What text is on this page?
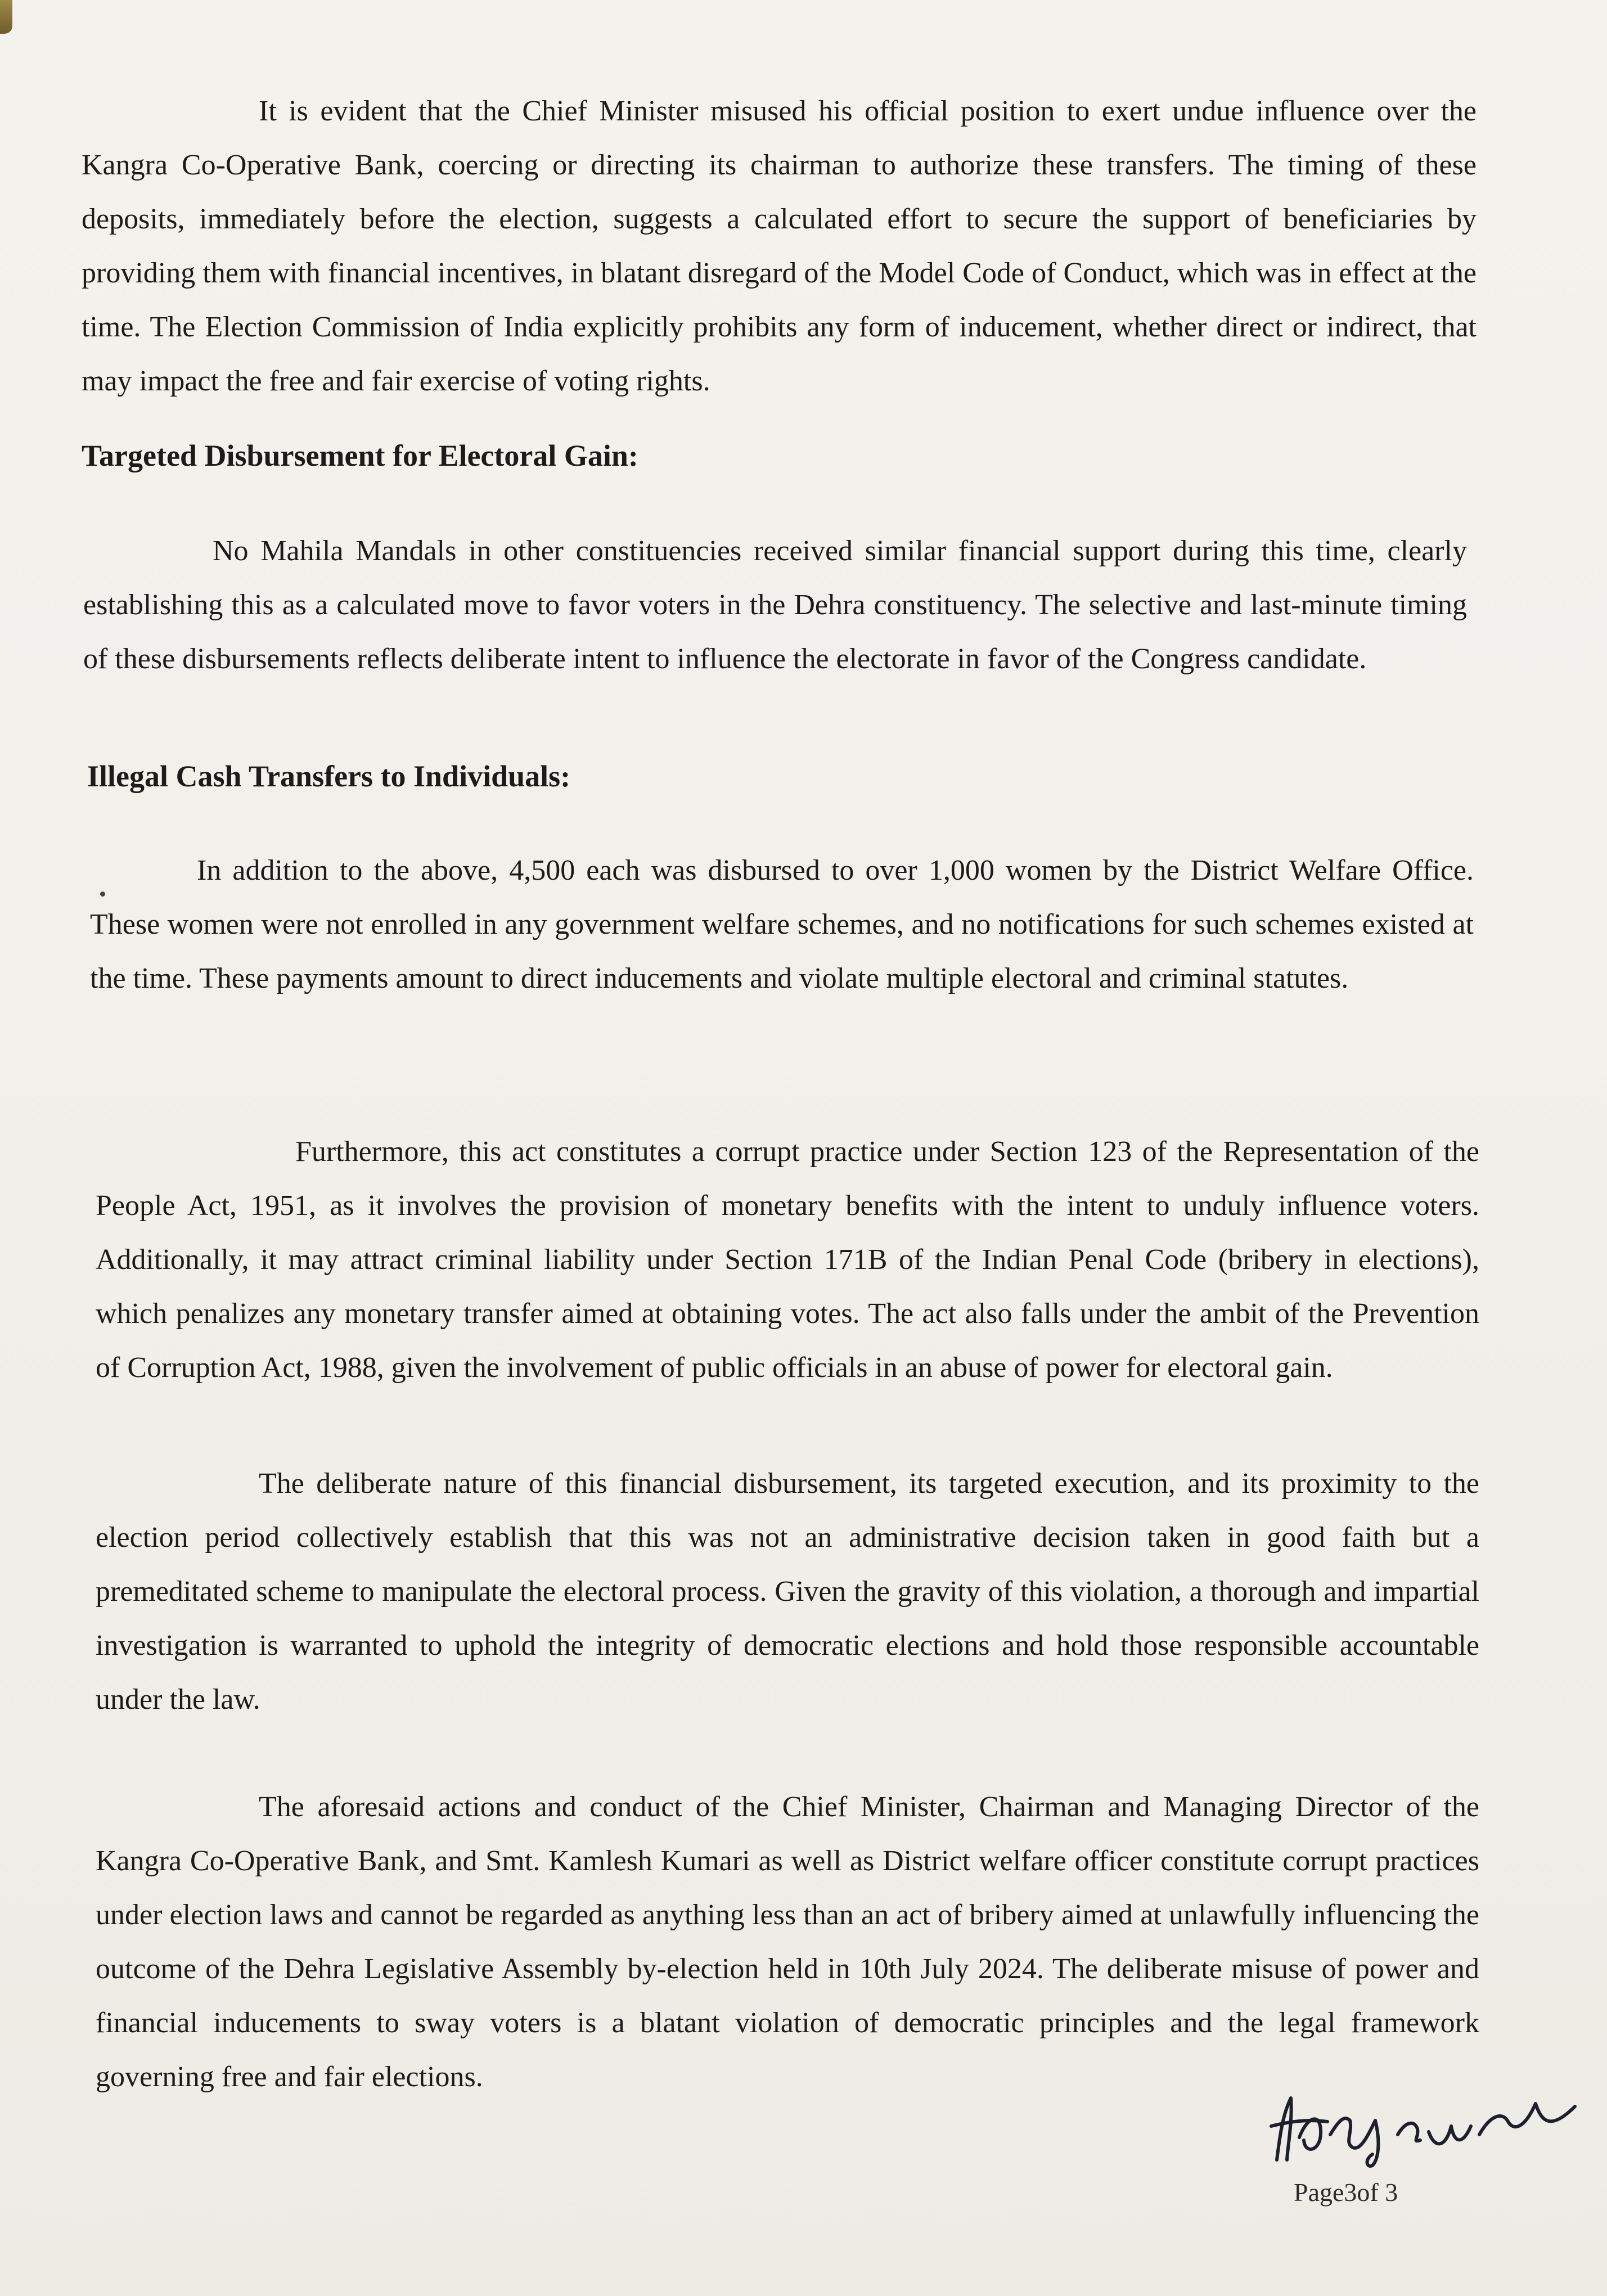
It is evident that the Chief Minister misused his official position to exert undue influence over the Kangra Co-Operative Bank, coercing or directing its chairman to authorize these transfers. The timing of these deposits, immediately before the election, suggests a calculated effort to secure the support of beneficiaries by providing them with financial incentives, in blatant disregard of the Model Code of Conduct, which was in effect at the time. The Election Commission of India explicitly prohibits any form of inducement, whether direct or indirect, that may impact the free and fair exercise of voting rights.

Targeted Disbursement for Electoral Gain:

No Mahila Mandals in other constituencies received similar financial support during this time, clearly establishing this as a calculated move to favor voters in the Dehra constituency. The selective and last-minute timing of these disbursements reflects deliberate intent to influence the electorate in favor of the Congress candidate.

Illegal Cash Transfers to Individuals:

In addition to the above, 4,500 each was disbursed to over 1,000 women by the District Welfare Office. These women were not enrolled in any government welfare schemes, and no notifications for such schemes existed at the time. These payments amount to direct inducements and violate multiple electoral and criminal statutes.

Furthermore, this act constitutes a corrupt practice under Section 123 of the Representation of the People Act, 1951, as it involves the provision of monetary benefits with the intent to unduly influence voters. Additionally, it may attract criminal liability under Section 171B of the Indian Penal Code (bribery in elections), which penalizes any monetary transfer aimed at obtaining votes. The act also falls under the ambit of the Prevention of Corruption Act, 1988, given the involvement of public officials in an abuse of power for electoral gain.

The deliberate nature of this financial disbursement, its targeted execution, and its proximity to the election period collectively establish that this was not an administrative decision taken in good faith but a premeditated scheme to manipulate the electoral process. Given the gravity of this violation, a thorough and impartial investigation is warranted to uphold the integrity of democratic elections and hold those responsible accountable under the law.

The aforesaid actions and conduct of the Chief Minister, Chairman and Managing Director of the Kangra Co-Operative Bank, and Smt. Kamlesh Kumari as well as District welfare officer constitute corrupt practices under election laws and cannot be regarded as anything less than an act of bribery aimed at unlawfully influencing the outcome of the Dehra Legislative Assembly by-election held in 10th July 2024. The deliberate misuse of power and financial inducements to sway voters is a blatant violation of democratic principles and the legal framework governing free and fair elections.

Page3of 3
